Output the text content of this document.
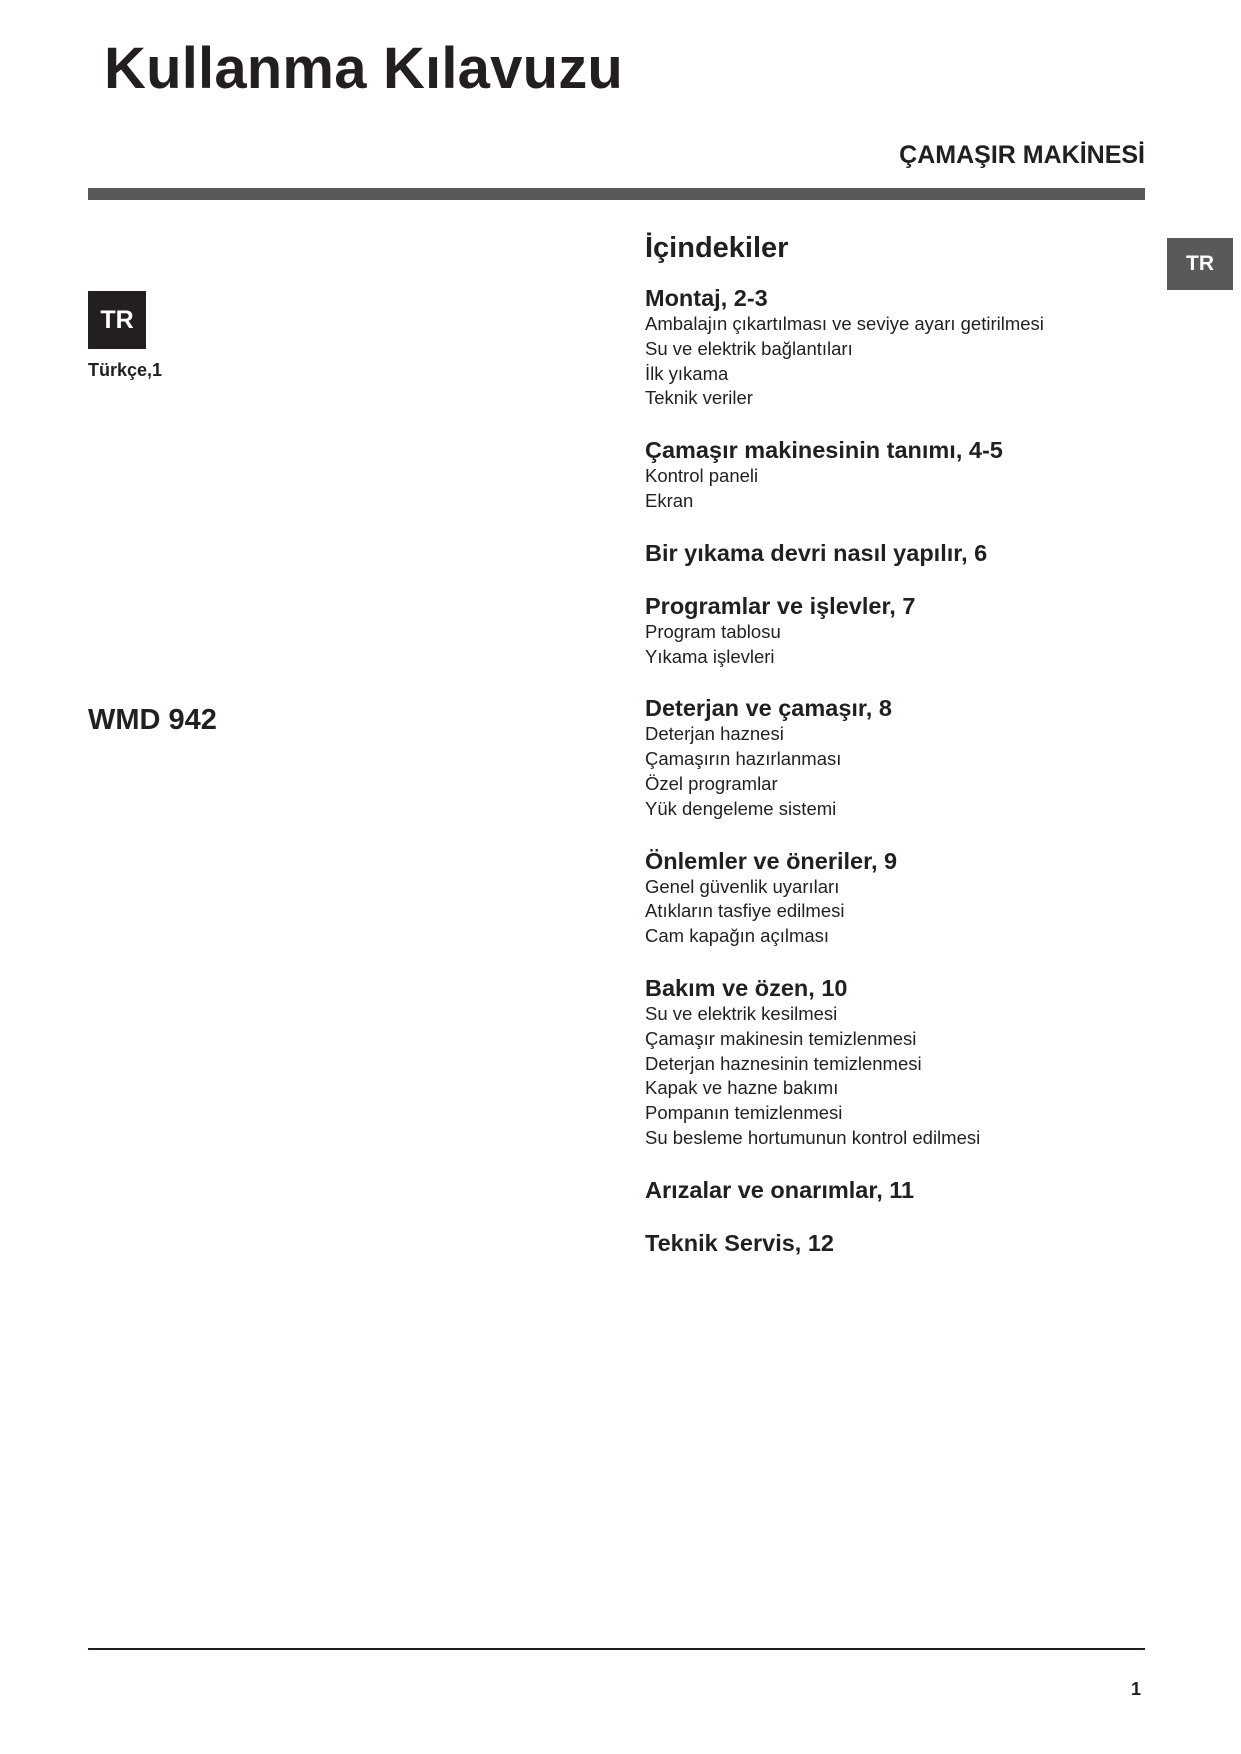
Kullanma Kılavuzu
ÇAMAŞIR MAKİNESİ
TR
TR
Türkçe,1
WMD 942
İçindekiler
Montaj, 2-3
Ambalajın çıkartılması ve seviye ayarı getirilmesi
Su ve elektrik bağlantıları
İlk yıkama
Teknik veriler
Çamaşır makinesinin tanımı, 4-5
Kontrol paneli
Ekran
Bir yıkama devri nasıl yapılır, 6
Programlar ve işlevler, 7
Program tablosu
Yıkama işlevleri
Deterjan ve çamaşır, 8
Deterjan haznesi
Çamaşırın hazırlanması
Özel programlar
Yük dengeleme sistemi
Önlemler ve öneriler, 9
Genel güvenlik uyarıları
Atıkların tasfiye edilmesi
Cam kapağın açılması
Bakım ve özen, 10
Su ve elektrik kesilmesi
Çamaşır makinesin temizlenmesi
Deterjan haznesinin temizlenmesi
Kapak ve hazne bakımı
Pompanın temizlenmesi
Su besleme hortumunun kontrol edilmesi
Arızalar ve onarımlar, 11
Teknik Servis, 12
1
